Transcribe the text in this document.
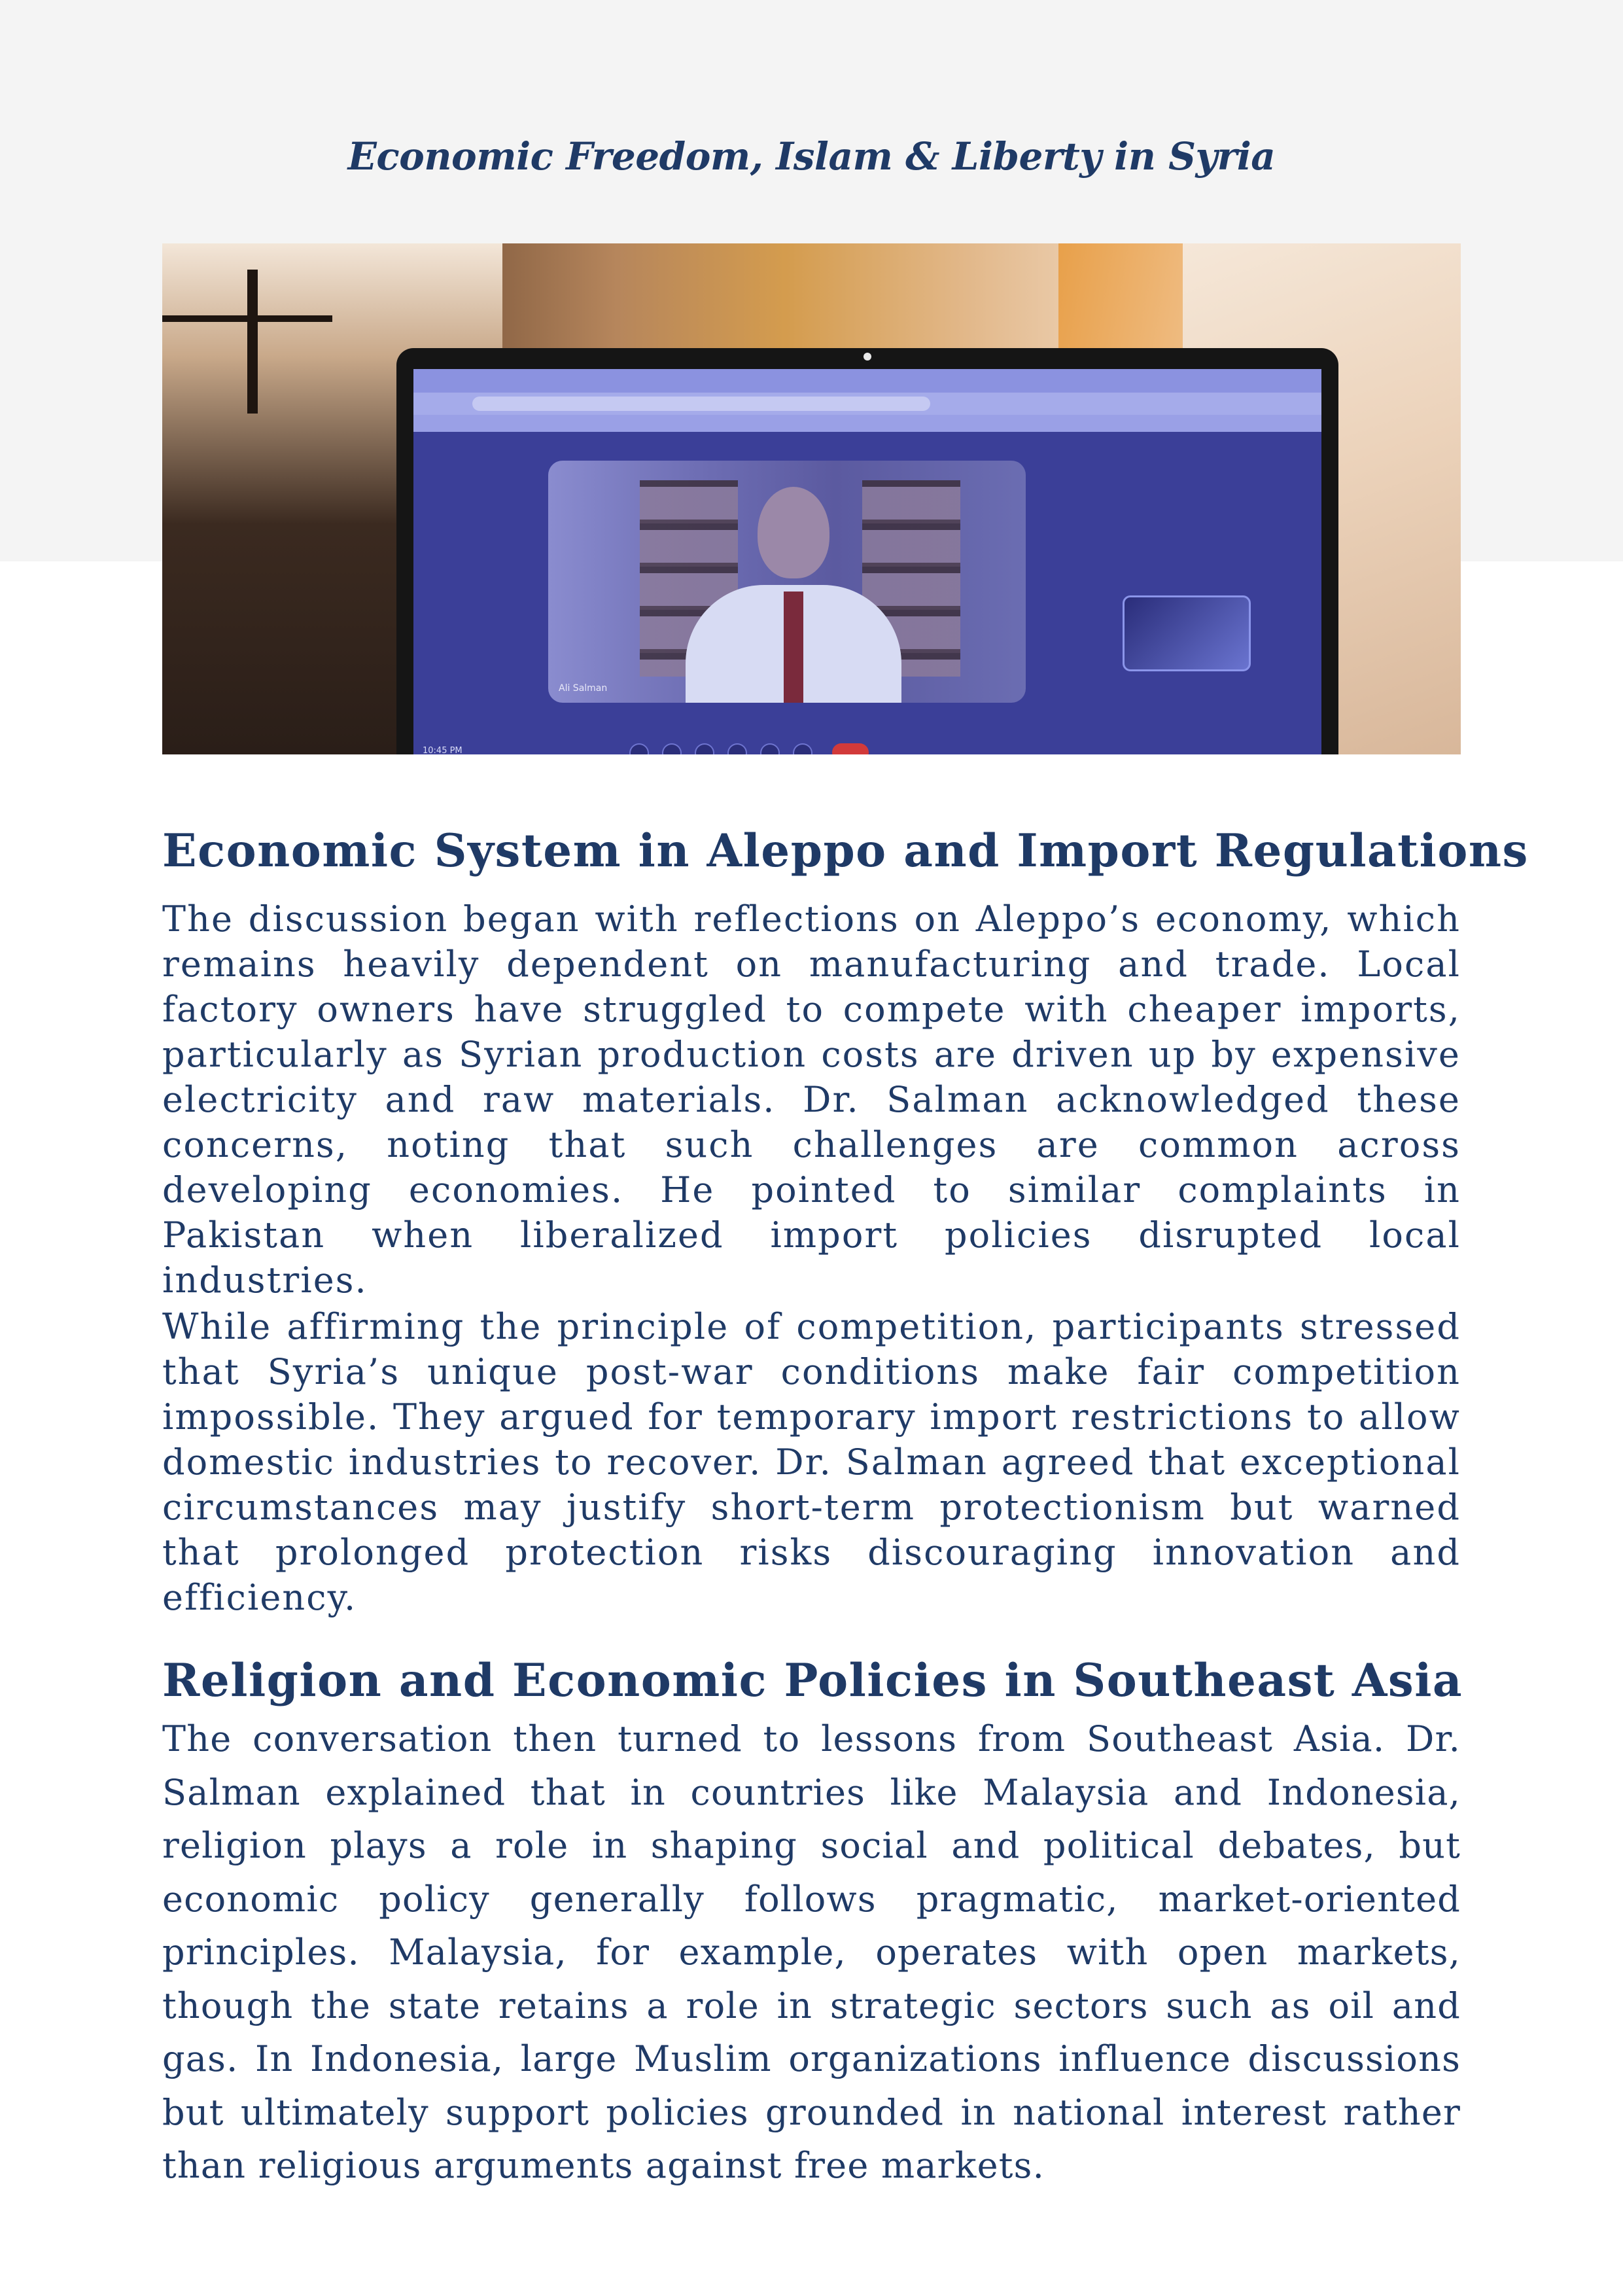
Economic Freedom, Islam & Liberty in Syria
Ali Salman
10:45 PM
Economic System in Aleppo and Import Regulations

The discussion began with reflections on Aleppo’s economy, which remains heavily dependent on manufacturing and trade. Local factory owners have struggled to compete with cheaper imports, particularly as Syrian production costs are driven up by expensive electricity and raw materials. Dr. Salman acknowledged these concerns, noting that such challenges are common across developing economies. He pointed to similar complaints in Pakistan when liberalized import policies disrupted local industries.

While affirming the principle of competition, participants stressed that Syria’s unique post-war conditions make fair competition impossible. They argued for temporary import restrictions to allow domestic industries to recover. Dr. Salman agreed that exceptional circumstances may justify short-term protectionism but warned that prolonged protection risks discouraging innovation and efficiency.

Religion and Economic Policies in Southeast Asia

The conversation then turned to lessons from Southeast Asia. Dr. Salman explained that in countries like Malaysia and Indonesia, religion plays a role in shaping social and political debates, but economic policy generally follows pragmatic, market-oriented principles. Malaysia, for example, operates with open markets, though the state retains a role in strategic sectors such as oil and gas. In Indonesia, large Muslim organizations influence discussions but ultimately support policies grounded in national interest rather than religious arguments against free markets.
